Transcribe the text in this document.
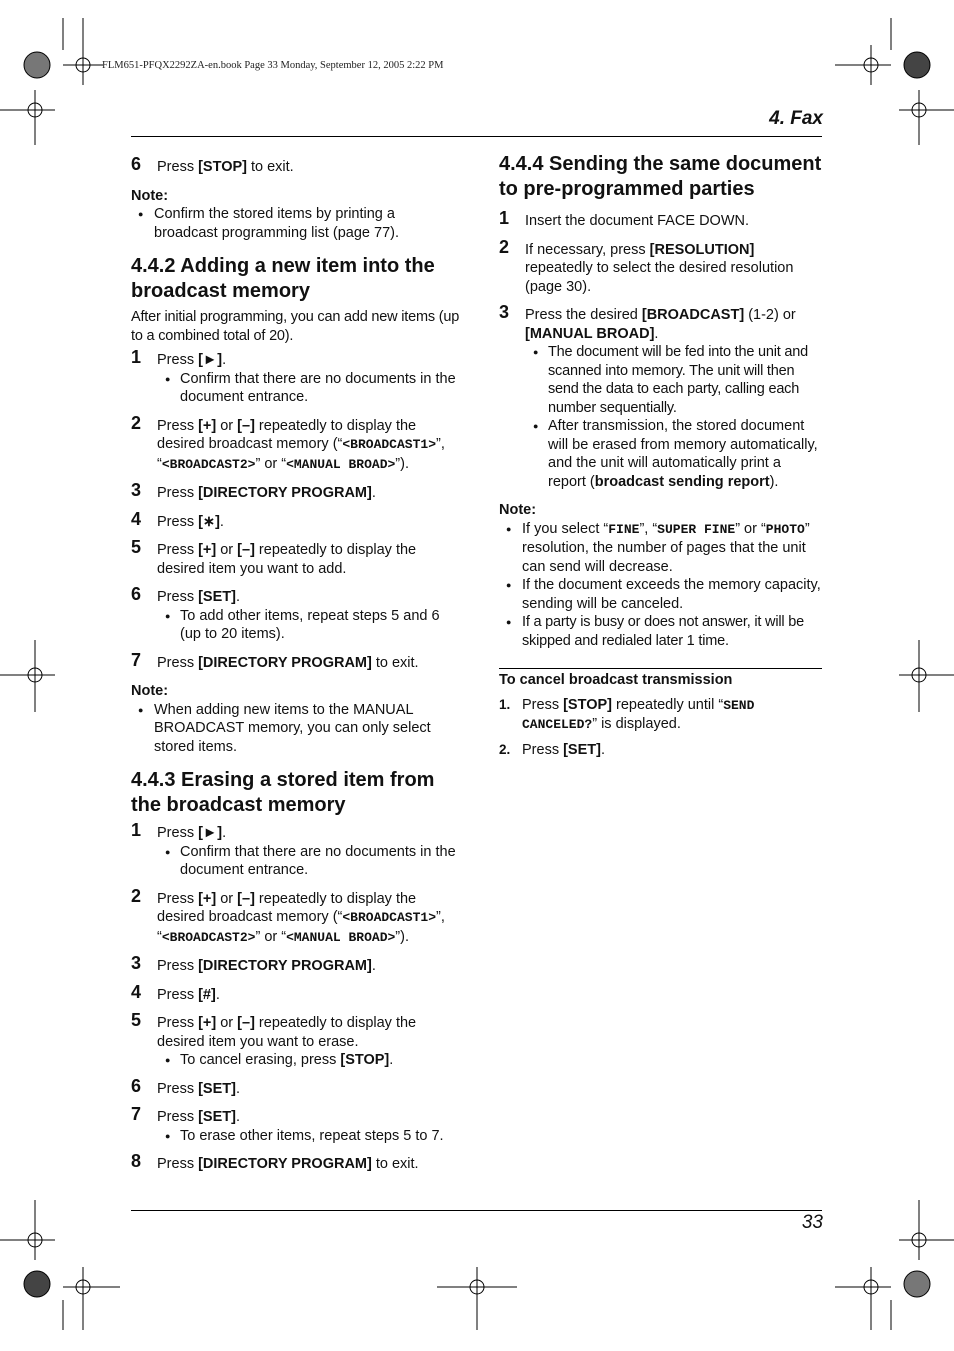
FLM651-PFQX2292ZA-en.book Page 33 Monday, September 12, 2005 2:22 PM
4. Fax
6 Press [STOP] to exit.
Note:
● Confirm the stored items by printing a broadcast programming list (page 77).
4.4.2 Adding a new item into the broadcast memory
After initial programming, you can add new items (up to a combined total of 20).
1 Press [►].
● Confirm that there are no documents in the document entrance.
2 Press [+] or [–] repeatedly to display the desired broadcast memory (“<BROADCAST1>”, “<BROADCAST2>” or “<MANUAL BROAD>”).
3 Press [DIRECTORY PROGRAM].
4 Press [∗].
5 Press [+] or [–] repeatedly to display the desired item you want to add.
6 Press [SET].
● To add other items, repeat steps 5 and 6 (up to 20 items).
7 Press [DIRECTORY PROGRAM] to exit.
Note:
● When adding new items to the MANUAL BROADCAST memory, you can only select stored items.
4.4.3 Erasing a stored item from the broadcast memory
1 Press [►].
● Confirm that there are no documents in the document entrance.
2 Press [+] or [–] repeatedly to display the desired broadcast memory (“<BROADCAST1>”, “<BROADCAST2>” or “<MANUAL BROAD>”).
3 Press [DIRECTORY PROGRAM].
4 Press [#].
5 Press [+] or [–] repeatedly to display the desired item you want to erase.
● To cancel erasing, press [STOP].
6 Press [SET].
7 Press [SET].
● To erase other items, repeat steps 5 to 7.
8 Press [DIRECTORY PROGRAM] to exit.
4.4.4 Sending the same document to pre-programmed parties
1 Insert the document FACE DOWN.
2 If necessary, press [RESOLUTION] repeatedly to select the desired resolution (page 30).
3 Press the desired [BROADCAST] (1-2) or [MANUAL BROAD].
● The document will be fed into the unit and scanned into memory. The unit will then send the data to each party, calling each number sequentially.
● After transmission, the stored document will be erased from memory automatically, and the unit will automatically print a report (broadcast sending report).
Note:
● If you select “FINE”, “SUPER FINE” or “PHOTO” resolution, the number of pages that the unit can send will decrease.
● If the document exceeds the memory capacity, sending will be canceled.
● If a party is busy or does not answer, it will be skipped and redialed later 1 time.
To cancel broadcast transmission
1. Press [STOP] repeatedly until “SEND CANCELED?” is displayed.
2. Press [SET].
33
